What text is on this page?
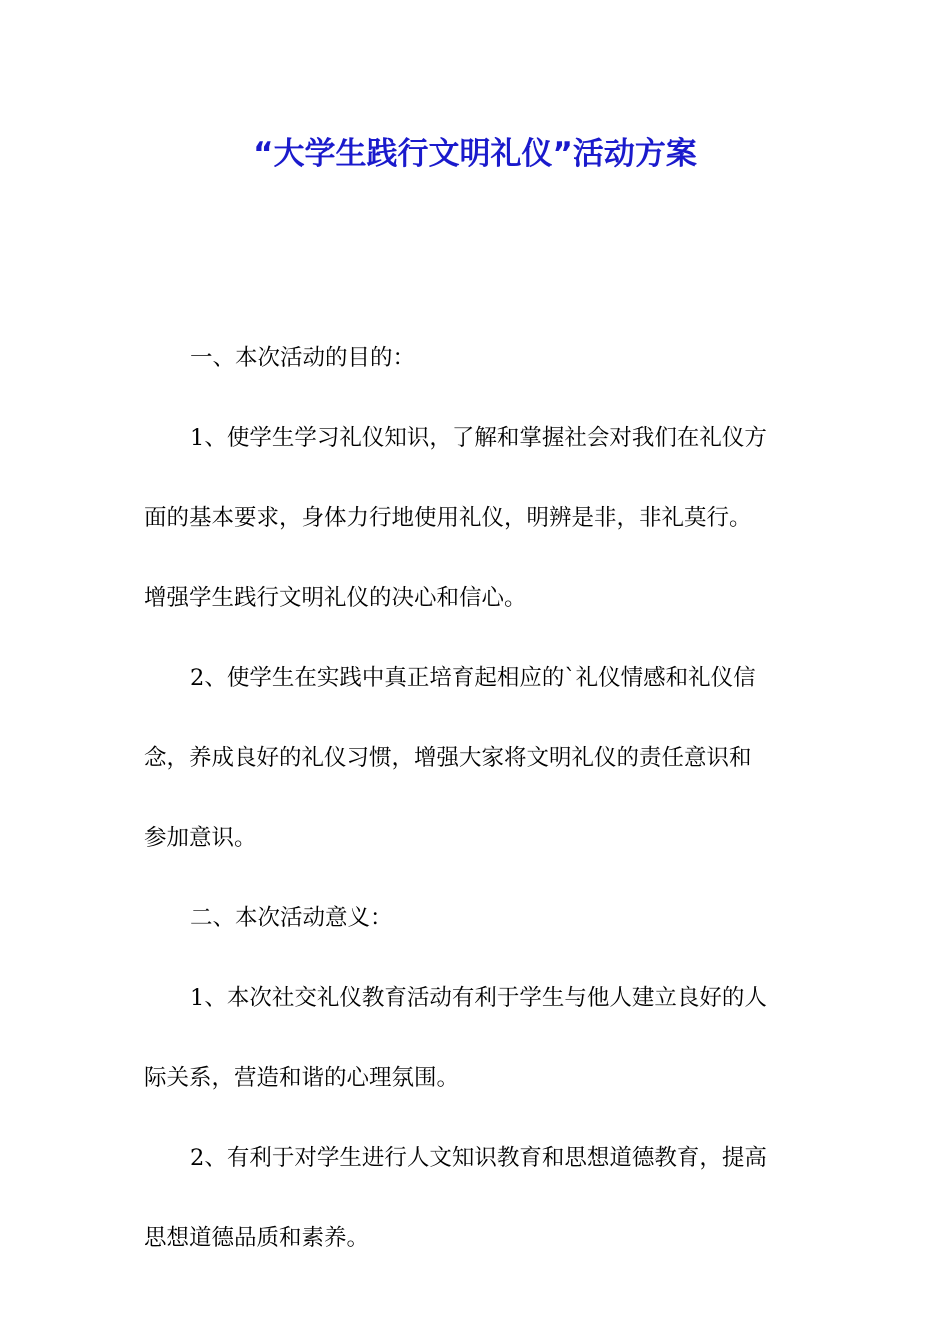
“大学生践行文明礼仪”活动方案
一、本次活动的目的：
1、使学生学习礼仪知识，了解和掌握社会对我们在礼仪方
面的基本要求，身体力行地使用礼仪，明辨是非，非礼莫行。
增强学生践行文明礼仪的决心和信心。
2、使学生在实践中真正培育起相应的`礼仪情感和礼仪信
念，养成良好的礼仪习惯，增强大家将文明礼仪的责任意识和
参加意识。
二、本次活动意义：
1、本次社交礼仪教育活动有利于学生与他人建立良好的人
际关系，营造和谐的心理氛围。
2、有利于对学生进行人文知识教育和思想道德教育，提高
思想道德品质和素养。
